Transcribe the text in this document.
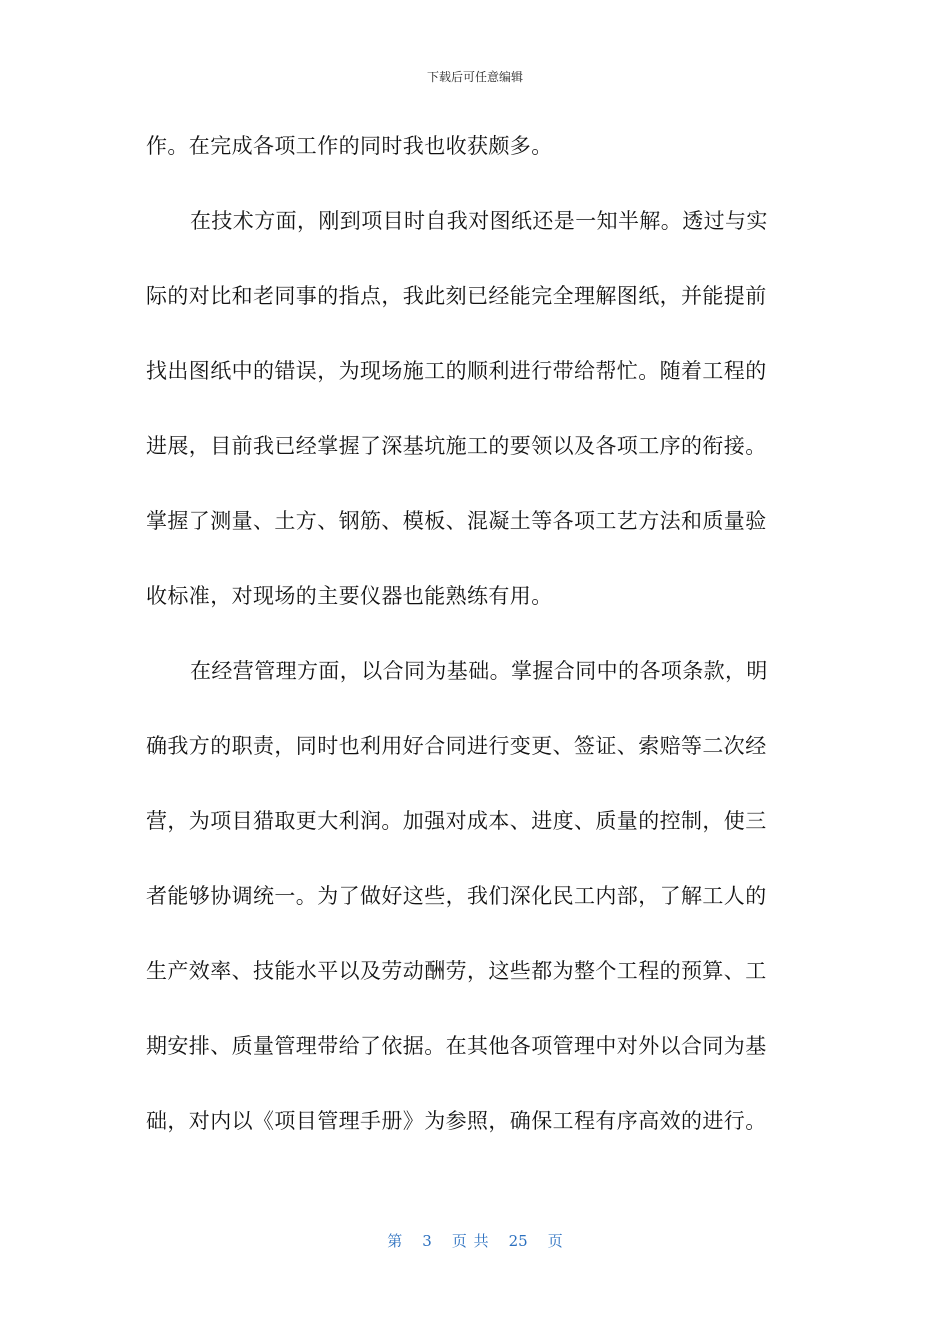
下载后可任意编辑
作。在完成各项工作的同时我也收获颇多。
在技术方面，刚到项目时自我对图纸还是一知半解。透过与实
际的对比和老同事的指点，我此刻已经能完全理解图纸，并能提前
找出图纸中的错误，为现场施工的顺利进行带给帮忙。随着工程的
进展，目前我已经掌握了深基坑施工的要领以及各项工序的衔接。
掌握了测量、土方、钢筋、模板、混凝土等各项工艺方法和质量验
收标准，对现场的主要仪器也能熟练有用。
在经营管理方面，以合同为基础。掌握合同中的各项条款，明
确我方的职责，同时也利用好合同进行变更、签证、索赔等二次经
营，为项目猎取更大利润。加强对成本、进度、质量的控制，使三
者能够协调统一。为了做好这些，我们深化民工内部，了解工人的
生产效率、技能水平以及劳动酬劳，这些都为整个工程的预算、工
期安排、质量管理带给了依据。在其他各项管理中对外以合同为基
础，对内以《项目管理手册》为参照，确保工程有序高效的进行。
第 3 页 共 25 页
